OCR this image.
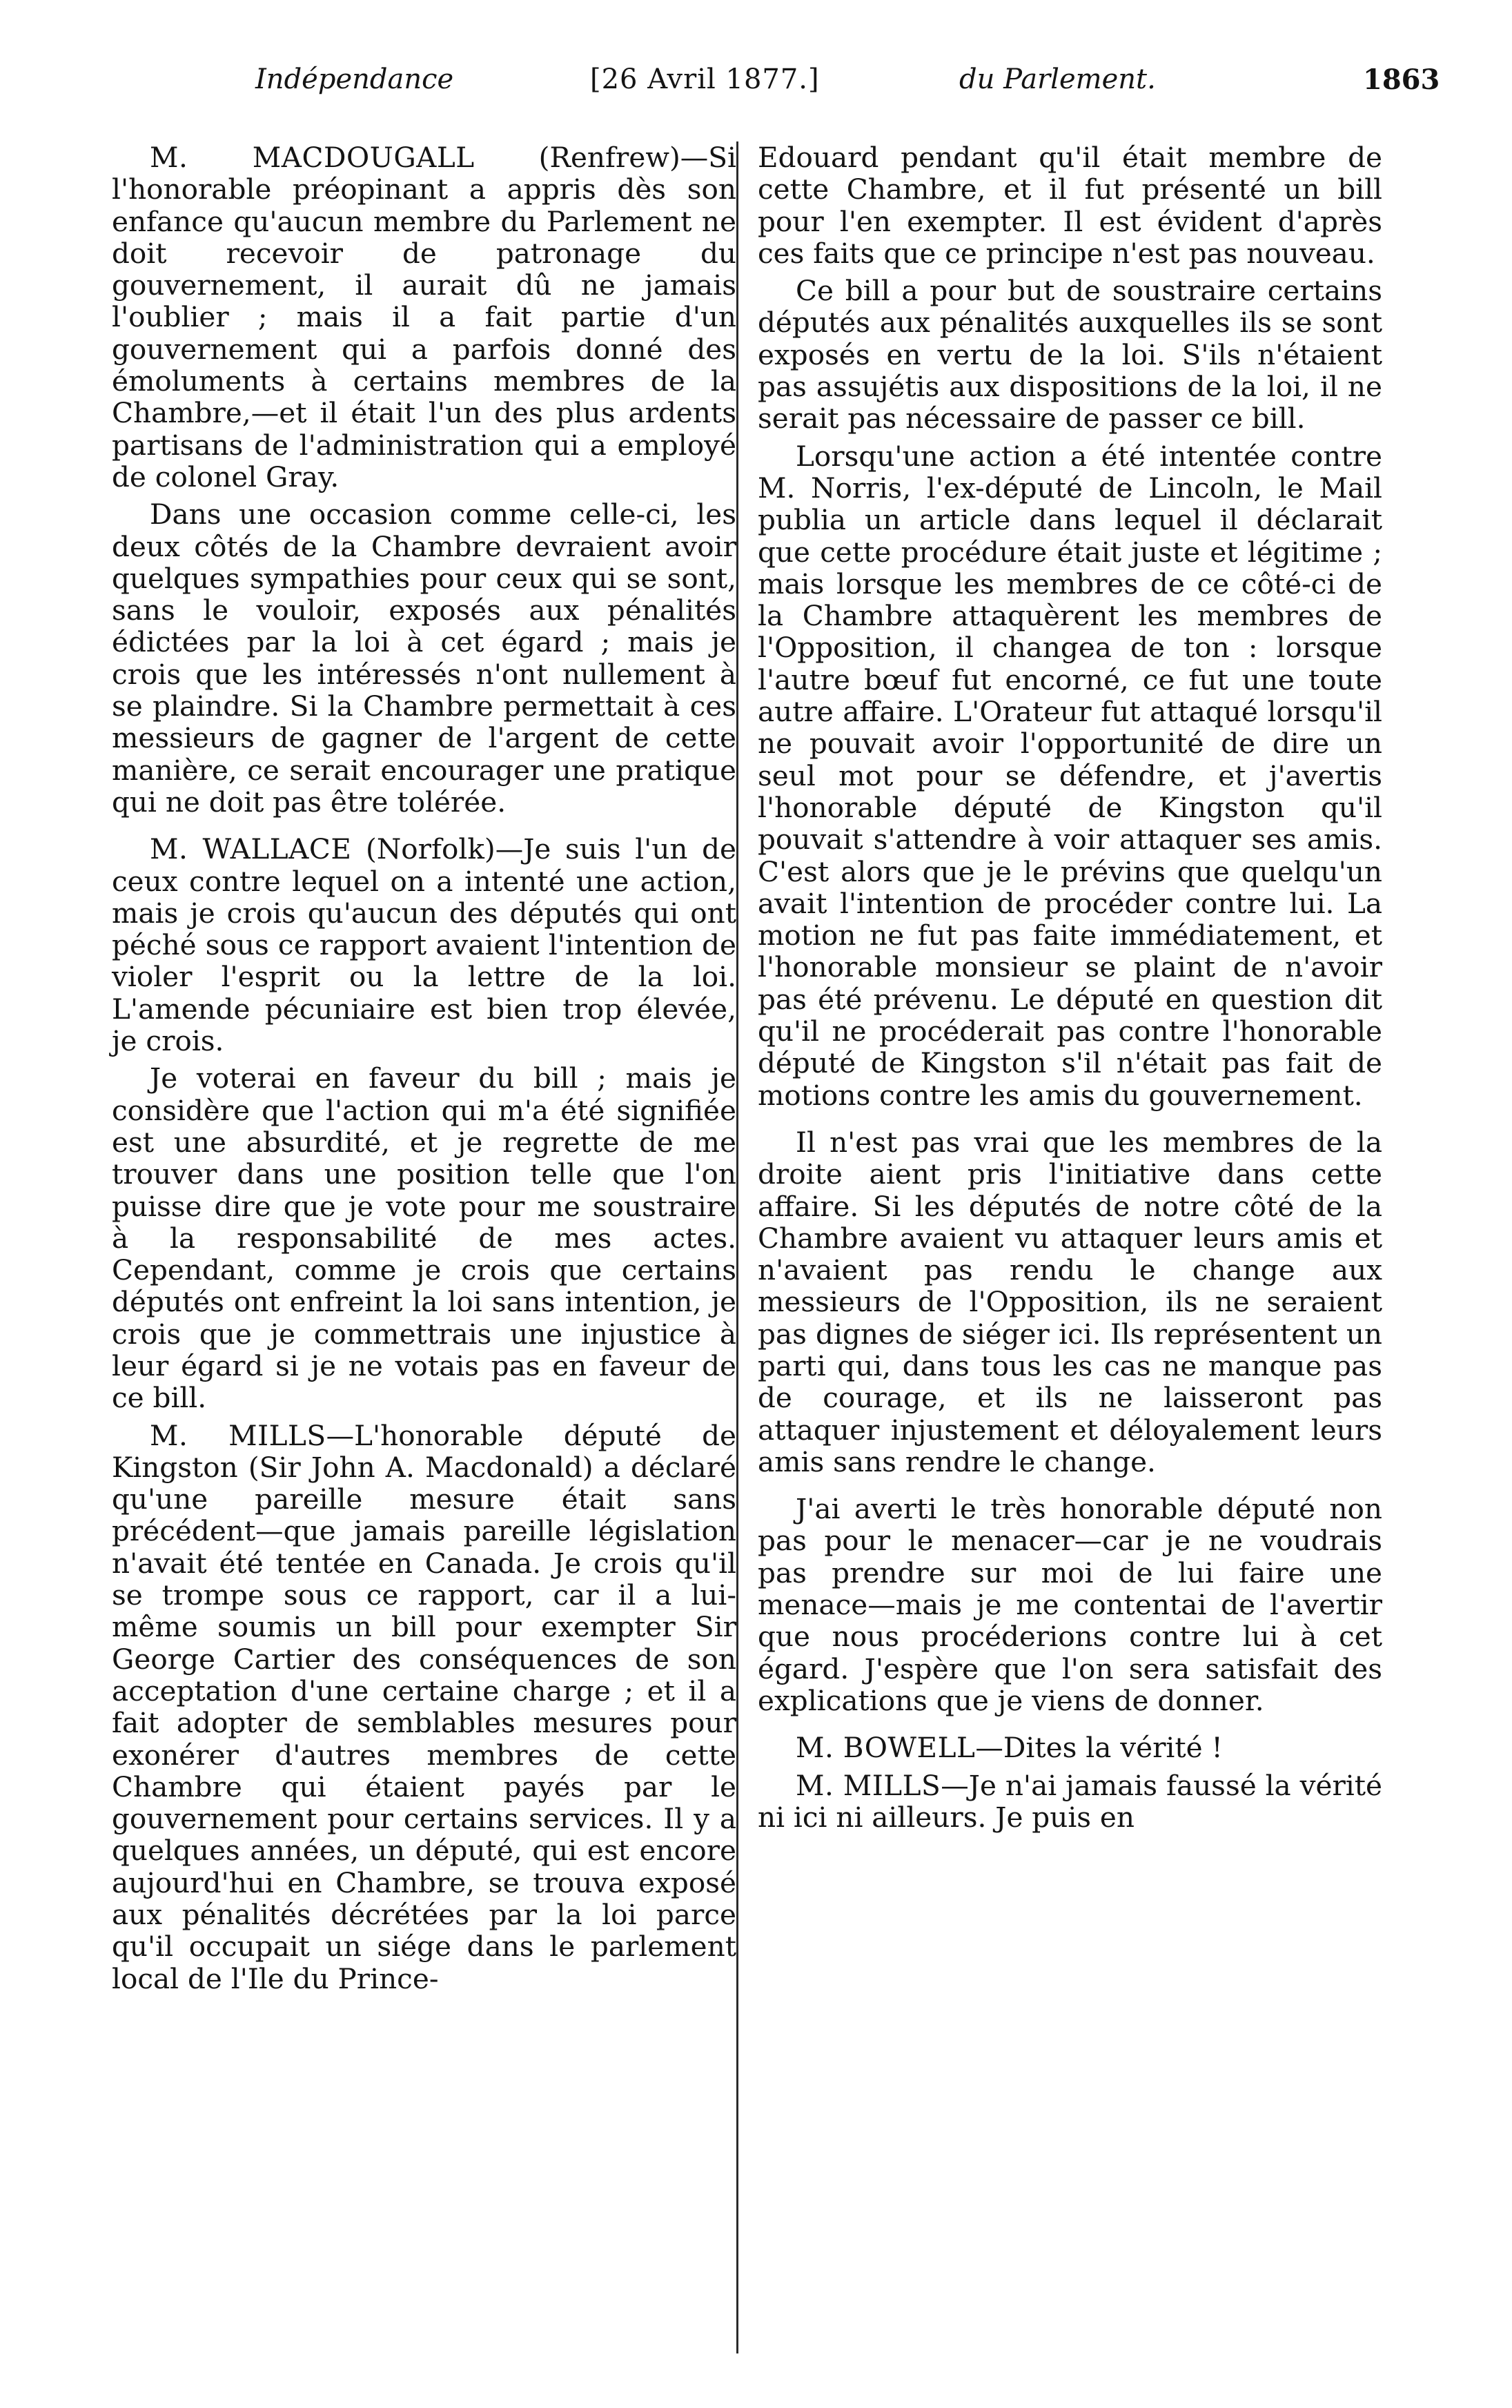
Indépendance	[26 Avril 1877.]	du Parlement.	1863

M. MACDOUGALL (Renfrew)—Si l'honorable préopinant a appris dès son enfance qu'aucun membre du Parlement ne doit recevoir de patronage du gouvernement, il aurait dû ne jamais l'oublier ; mais il a fait partie d'un gouvernement qui a parfois donné des émoluments à certains membres de la Chambre,—et il était l'un des plus ardents partisans de l'administration qui a employé de colonel Gray.

Dans une occasion comme celle-ci, les deux côtés de la Chambre devraient avoir quelques sympathies pour ceux qui se sont, sans le vouloir, exposés aux pénalités édictées par la loi à cet égard ; mais je crois que les intéressés n'ont nullement à se plaindre. Si la Chambre permettait à ces messieurs de gagner de l'argent de cette manière, ce serait encourager une pratique qui ne doit pas être tolérée.

M. WALLACE (Norfolk)—Je suis l'un de ceux contre lequel on a intenté une action, mais je crois qu'aucun des députés qui ont péché sous ce rapport avaient l'intention de violer l'esprit ou la lettre de la loi. L'amende pécuniaire est bien trop élevée, je crois.

Je voterai en faveur du bill ; mais je considère que l'action qui m'a été signifiée est une absurdité, et je regrette de me trouver dans une position telle que l'on puisse dire que je vote pour me soustraire à la responsabilité de mes actes. Cependant, comme je crois que certains députés ont enfreint la loi sans intention, je crois que je commettrais une injustice à leur égard si je ne votais pas en faveur de ce bill.

M. MILLS—L'honorable député de Kingston (Sir John A. Macdonald) a déclaré qu'une pareille mesure était sans précédent—que jamais pareille législation n'avait été tentée en Canada. Je crois qu'il se trompe sous ce rapport, car il a lui-même soumis un bill pour exempter Sir George Cartier des conséquences de son acceptation d'une certaine charge ; et il a fait adopter de semblables mesures pour exonérer d'autres membres de cette Chambre qui étaient payés par le gouvernement pour certains services. Il y a quelques années, un député, qui est encore aujourd'hui en Chambre, se trouva exposé aux pénalités décrétées par la loi parce qu'il occupait un siége dans le parlement local de l'Ile du Prince-

Edouard pendant qu'il était membre de cette Chambre, et il fut présenté un bill pour l'en exempter. Il est évident d'après ces faits que ce principe n'est pas nouveau.

Ce bill a pour but de soustraire certains députés aux pénalités auxquelles ils se sont exposés en vertu de la loi. S'ils n'étaient pas assujétis aux dispositions de la loi, il ne serait pas nécessaire de passer ce bill.

Lorsqu'une action a été intentée contre M. Norris, l'ex-député de Lincoln, le Mail publia un article dans lequel il déclarait que cette procédure était juste et légitime ; mais lorsque les membres de ce côté-ci de la Chambre attaquèrent les membres de l'Opposition, il changea de ton : lorsque l'autre bœuf fut encorné, ce fut une toute autre affaire. L'Orateur fut attaqué lorsqu'il ne pouvait avoir l'opportunité de dire un seul mot pour se défendre, et j'avertis l'honorable député de Kingston qu'il pouvait s'attendre à voir attaquer ses amis. C'est alors que je le prévins que quelqu'un avait l'intention de procéder contre lui. La motion ne fut pas faite immédiatement, et l'honorable monsieur se plaint de n'avoir pas été prévenu. Le député en question dit qu'il ne procéderait pas contre l'honorable député de Kingston s'il n'était pas fait de motions contre les amis du gouvernement.

Il n'est pas vrai que les membres de la droite aient pris l'initiative dans cette affaire. Si les députés de notre côté de la Chambre avaient vu attaquer leurs amis et n'avaient pas rendu le change aux messieurs de l'Opposition, ils ne seraient pas dignes de siéger ici. Ils représentent un parti qui, dans tous les cas ne manque pas de courage, et ils ne laisseront pas attaquer injustement et déloyalement leurs amis sans rendre le change.

J'ai averti le très honorable député non pas pour le menacer—car je ne voudrais pas prendre sur moi de lui faire une menace—mais je me contentai de l'avertir que nous procéderions contre lui à cet égard. J'espère que l'on sera satisfait des explications que je viens de donner.

M. BOWELL—Dites la vérité !

M. MILLS—Je n'ai jamais faussé la vérité ni ici ni ailleurs. Je puis en
